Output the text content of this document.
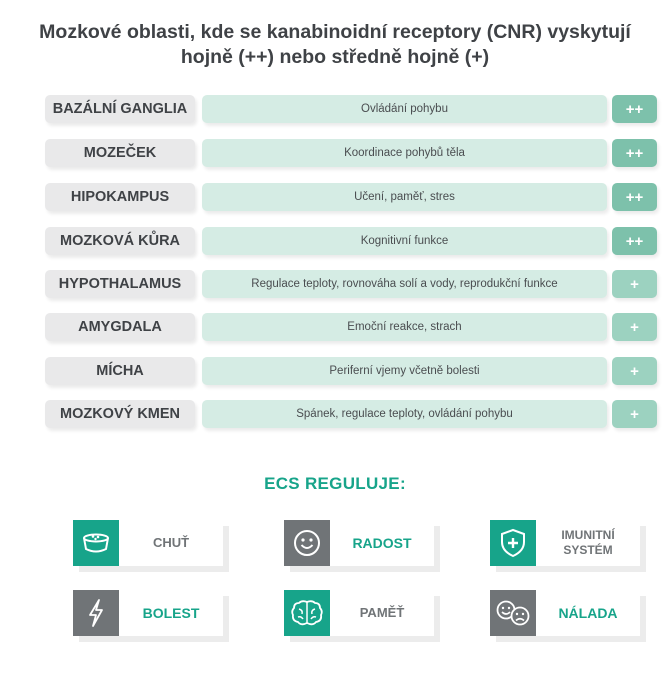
Mozkové oblasti, kde se kanabinoidní receptory (CNR) vyskytují
hojně (++) nebo středně hojně (+)
BAZÁLNÍ GANGLIA	Ovládání pohybu	++
MOZEČEK	Koordinace pohybů těla	++
HIPOKAMPUS	Učení, paměť, stres	++
MOZKOVÁ KŮRA	Kognitivní funkce	++
HYPOTHALAMUS	Regulace teploty, rovnováha solí a vody, reprodukční funkce	+
AMYGDALA	Emoční reakce, strach	+
MÍCHA	Periferní vjemy včetně bolesti	+
MOZKOVÝ KMEN	Spánek, regulace teploty, ovládání pohybu	+
ECS REGULUJE:
CHUŤ	RADOST	IMUNITNÍ
SYSTÉM
BOLEST	PAMĚŤ	NÁLADA
